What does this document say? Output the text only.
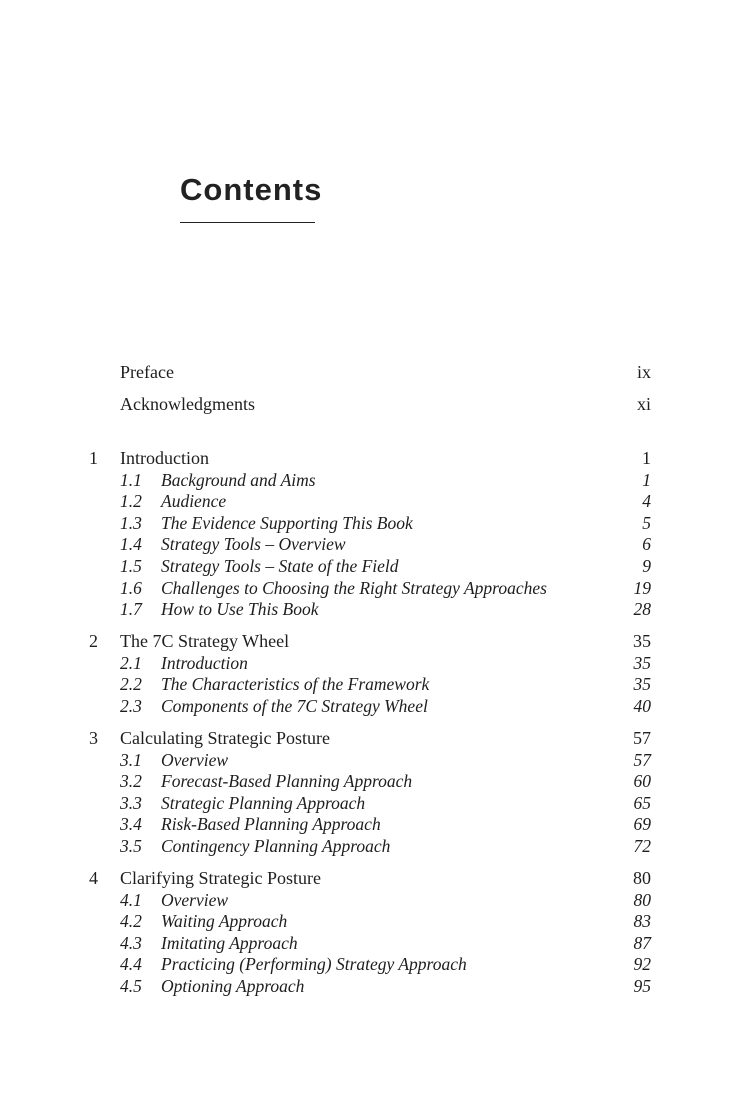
Contents
Preface	ix
Acknowledgments	xi
1 Introduction	1
1.1 Background and Aims	1
1.2 Audience	4
1.3 The Evidence Supporting This Book	5
1.4 Strategy Tools – Overview	6
1.5 Strategy Tools – State of the Field	9
1.6 Challenges to Choosing the Right Strategy Approaches	19
1.7 How to Use This Book	28
2 The 7C Strategy Wheel	35
2.1 Introduction	35
2.2 The Characteristics of the Framework	35
2.3 Components of the 7C Strategy Wheel	40
3 Calculating Strategic Posture	57
3.1 Overview	57
3.2 Forecast-Based Planning Approach	60
3.3 Strategic Planning Approach	65
3.4 Risk-Based Planning Approach	69
3.5 Contingency Planning Approach	72
4 Clarifying Strategic Posture	80
4.1 Overview	80
4.2 Waiting Approach	83
4.3 Imitating Approach	87
4.4 Practicing (Performing) Strategy Approach	92
4.5 Optioning Approach	95
